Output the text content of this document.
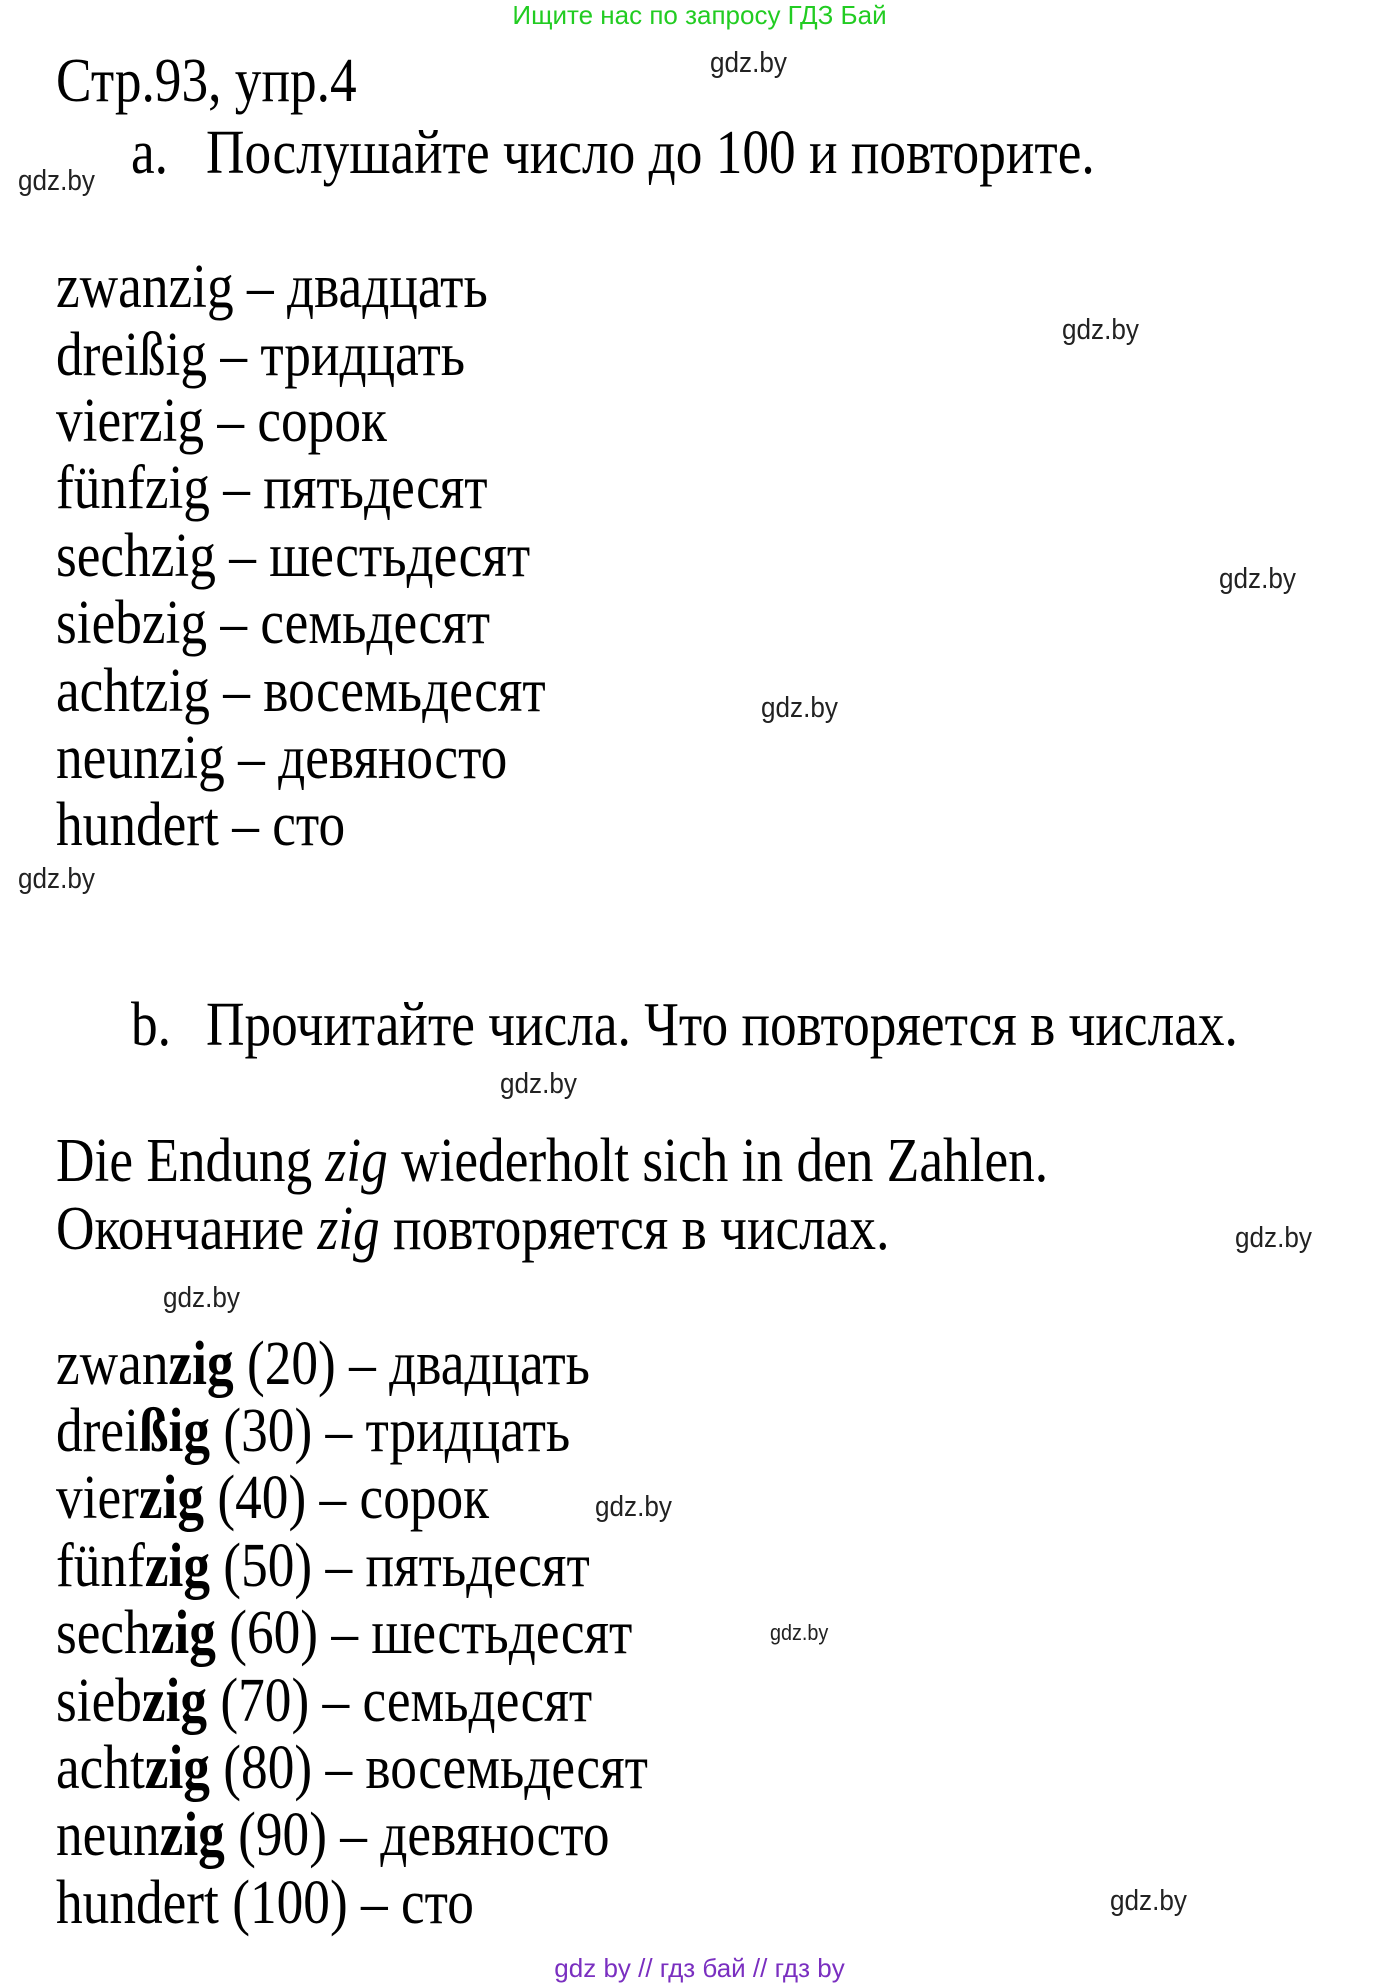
Ищите нас по запросу ГДЗ Бай
Стр.93, упр.4
a. Послушайте число до 100 и повторите.
zwanzig – двадцать
dreißig – тридцать
vierzig – сорок
fünfzig – пятьдесят
sechzig – шестьдесят
siebzig – семьдесят
achtzig – восемьдесят
neunzig – девяносто
hundert – сто
b. Прочитайте числа. Что повторяется в числах.
Die Endung zig wiederholt sich in den Zahlen.
Окончание zig повторяется в числах.
zwanzig (20) – двадцать
dreißig (30) – тридцать
vierzig (40) – сорок
fünfzig (50) – пятьдесят
sechzig (60) – шестьдесят
siebzig (70) – семьдесят
achtzig (80) – восемьдесят
neunzig (90) – девяносто
hundert (100) – сто
gdz.by
gdz.by
gdz.by
gdz.by
gdz.by
gdz.by
gdz.by
gdz.by
gdz.by
gdz.by
gdz.by
gdz.by
gdz by // гдз бай // гдз by
